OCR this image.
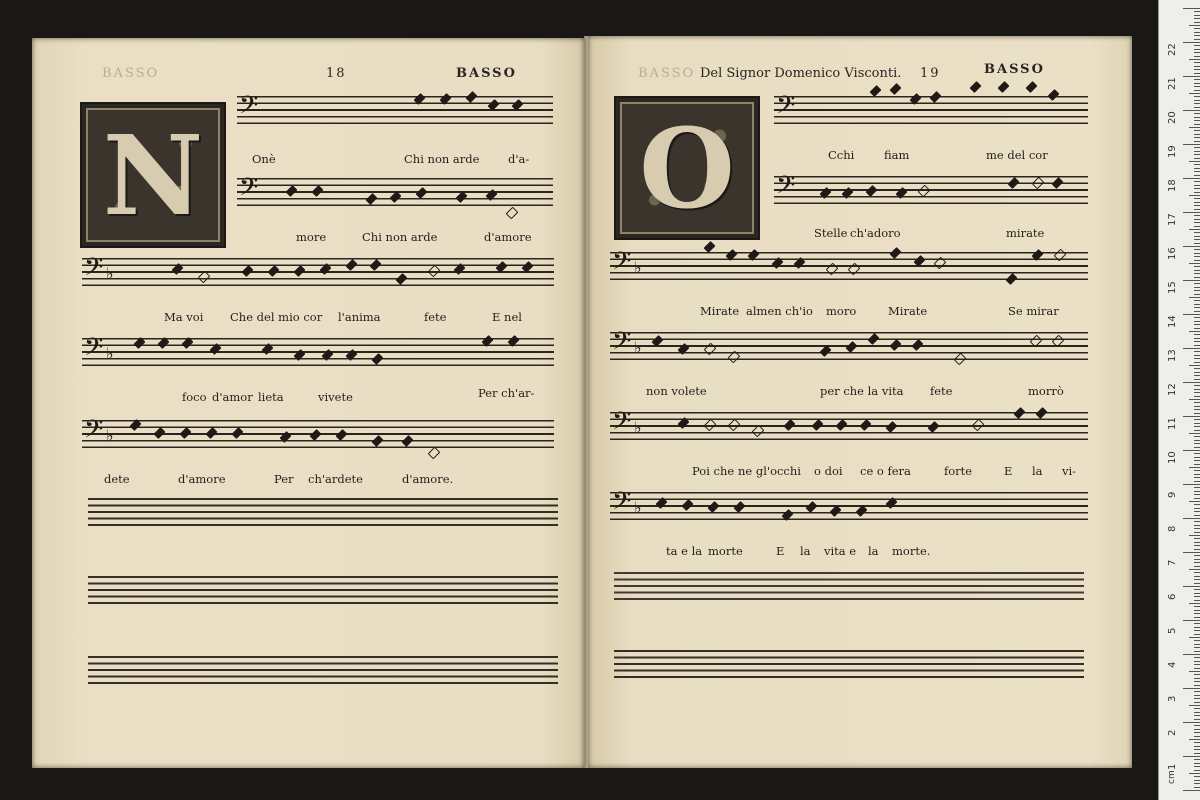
BASSO	18	BASSO
N
𝄢
Onè	Chi non arde d'a-
𝄢
more	Chi non arde	d'amore
𝄢 ♭
Ma voi Che del mio cor l'anima	fete	E nel
𝄢 ♭
foco d'amor lieta	vivete	Per ch'ar-
𝄢 ♭
dete	d'amore	Per ch'ardete	d'amore.
BASSO Del Signor Domenico Visconti. 19	BASSO
O 𝄢
Cchi	fiam	me del cor
𝄢
Stelle ch'adoro	mirate
𝄢 ♭
Mirate almen ch'io moro	Mirate	Se mirar
𝄢 ♭
non volete	per che la vita fete	morrò
𝄢 ♭
Poi che ne gl'occhi o doi ce o fera	forte	E la vi-
𝄢 ♭
ta e la morte	E la vita e la morte.
1
2
3
4
5
6
7
8
9
10
11
12
13
14
15
16
17
18
19
20
21
22
cm
